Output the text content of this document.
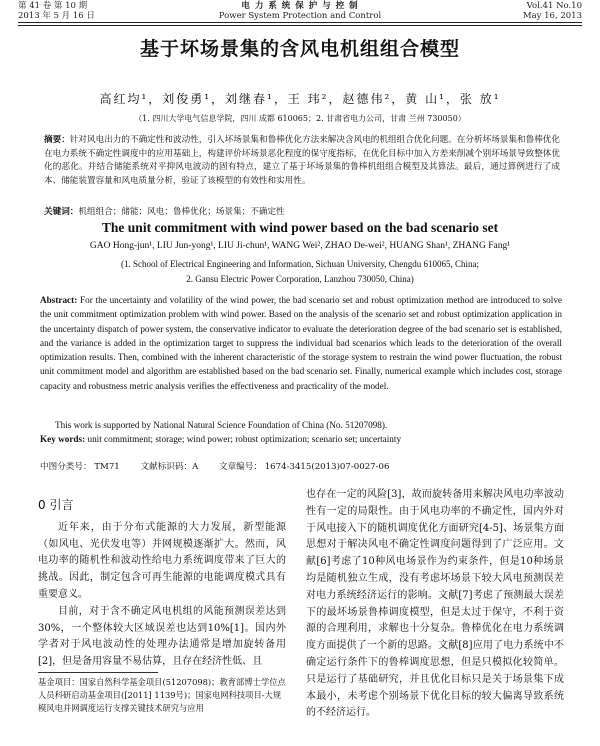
第 41 卷 第 10 期
2013 年 5 月 16 日
电 力 系 统 保 护 与 控 制
Power System Protection and Control
Vol.41 No.10
May 16, 2013
基于坏场景集的含风电机组组合模型
高红均¹，刘俊勇¹，刘继春¹，王 玮²，赵德伟²，黄 山¹，张 放¹
（1. 四川大学电气信息学院，四川 成都 610065；2. 甘肃省电力公司，甘肃 兰州 730050）
摘要：针对风电出力的不确定性和波动性，引入坏场景集和鲁棒优化方法来解决含风电的机组组合优化问题。在分析坏场景集和鲁棒优化在电力系统不确定性调度中的应用基础上，构建评价坏场景恶化程度的保守度指标，在优化目标中加入方差来削减个别坏场景导致整体优化的恶化。并结合储能系统对平抑风电波动的固有特点，建立了基于坏场景集的鲁棒机组组合模型及其算法。最后，通过算例进行了成本、储能装置容量和风电质量分析，验证了该模型的有效性和实用性。
关键词：机组组合；储能；风电；鲁棒优化；场景集；不确定性
The unit commitment with wind power based on the bad scenario set
GAO Hong-jun¹, LIU Jun-yong¹, LIU Ji-chun¹, WANG Wei², ZHAO De-wei², HUANG Shan¹, ZHANG Fang¹
(1. School of Electrical Engineering and Information, Sichuan University, Chengdu 610065, China;
2. Gansu Electric Power Corporation, Lanzhou 730050, China)
Abstract: For the uncertainty and volatility of the wind power, the bad scenario set and robust optimization method are introduced to solve the unit commitment optimization problem with wind power. Based on the analysis of the scenario set and robust optimization application in the uncertainty dispatch of power system, the conservative indicator to evaluate the deterioration degree of the bad scenario set is established, and the variance is added in the optimization target to suppress the individual bad scenarios which leads to the deterioration of the overall optimization results. Then, combined with the inherent characteristic of the storage system to restrain the wind power fluctuation, the robust unit commitment model and algorithm are established based on the bad scenario set. Finally, numerical example which includes cost, storage capacity and robustness metric analysis verifies the effectiveness and practicality of the model.
This work is supported by National Natural Science Foundation of China (No. 51207098).
Key words: unit commitment; storage; wind power; robust optimization; scenario set; uncertainty
中图分类号： TM71 文献标识码：A 文章编号： 1674-3415(2013)07-0027-06
0 引言

近年来，由于分布式能源的大力发展，新型能源（如风电、光伏发电等）并网规模逐渐扩大。然而，风电功率的随机性和波动性给电力系统调度带来了巨大的挑战。因此，制定包含可再生能源的电能调度模式具有重要意义。

目前，对于含不确定风电机组的风能预测误差达到30%，一个整体较大区域误差也达到10%[1]。国内外学者对于风电波动性的处理办法通常是增加旋转备用[2]，但是备用容量不易估算，且存在经济性低、且

也存在一定的风险[3]，故而旋转备用来解决风电功率波动性有一定的局限性。由于风电功率的不确定性，国内外对于风电接入下的随机调度优化方面研究[4-5]、场景集方面思想对于解决风电不确定性调度问题得到了广泛应用。文献[6]考虑了10种风电场景作为约束条件，但是10种场景均是随机独立生成，没有考虑坏场景下较大风电预测误差对电力系统经济运行的影响。文献[7]考虑了预测最大误差下的最坏场景鲁棒调度模型，但是太过于保守，不利于资源的合理利用，求解也十分复杂。鲁棒优化在电力系统调度方面提供了一个新的思路。文献[8]应用了电力系统中不确定运行条件下的鲁棒调度思想，但是只模拟化较简单。只是运行了基础研究，并且优化目标只是关于场景集下成本最小，未考虑个别场景下优化目标的较大偏离导致系统的不经济运行。

基金项目：国家自然科学基金项目(51207098)；教育部博士学位点人员科研启动基金项目([2011] 1139号)；国家电网科技项目-大规模风电并网调度运行支撑关键技术研究与应用
